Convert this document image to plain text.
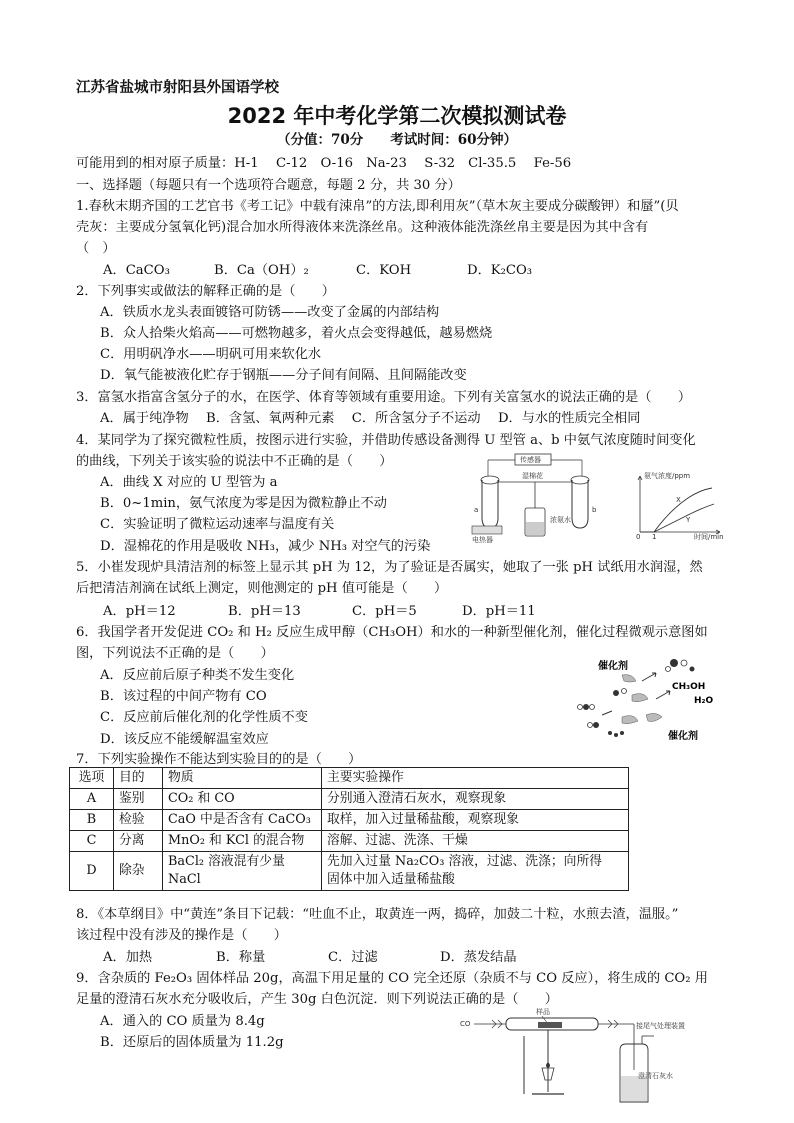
江苏省盐城市射阳县外国语学校
2022 年中考化学第二次模拟测试卷
（分值：70分　　考试时间：60分钟）
可能用到的相对原子质量：H-1　 C-12　O-16　Na-23　 S-32　Cl-35.5　 Fe-56
一、选择题（每题只有一个选项符合题意，每题 2 分，共 30 分）
1.春秋末期齐国的工艺官书《考工记》中载有涑帛”的方法,即利用灰”（草木灰主要成分碳酸钾）和蜃”(贝
壳灰：主要成分氢氧化钙)混合加水所得液体来洗涤丝帛。这种液体能洗涤丝帛主要是因为其中含有
（　）
A．CaCO₃	B．Ca（OH）₂	C．KOH	D．K₂CO₃
2．下列事实或做法的解释正确的是（　　）
A．铁质水龙头表面镀铬可防锈——改变了金属的内部结构
B．众人拾柴火焰高——可燃物越多，着火点会变得越低，越易燃烧
C．用明矾净水——明矾可用来软化水
D．氧气能被液化贮存于钢瓶——分子间有间隔、且间隔能改变
3．富氢水指富含氢分子的水，在医学、体育等领域有重要用途。下列有关富氢水的说法正确的是（　　）
A．属于纯净物　 B．含氢、氧两种元素　 C．所含氢分子不运动　 D．与水的性质完全相同
4．某同学为了探究微粒性质，按图示进行实验，并借助传感设备测得 U 型管 a、b 中氨气浓度随时间变化
的曲线，下列关于该实验的说法中不正确的是（　　）
A．曲线 X 对应的 U 型管为 a
B．0~1min，氨气浓度为零是因为微粒静止不动
C．实验证明了微粒运动速率与温度有关
D．湿棉花的作用是吸收 NH₃，减少 NH₃ 对空气的污染
传感器
湿棉花
浓氨水
电热器
a	b
氨气浓度/ppm
时间/min
0 1
X
Y
5．小崔发现炉具清洁剂的标签上显示其 pH 为 12，为了验证是否属实，她取了一张 pH 试纸用水润湿，然
后把清洁剂滴在试纸上测定，则他测定的 pH 值可能是（　　）
A．pH＝12	B．pH＝13	C．pH＝5	D．pH＝11
6．我国学者开发促进 CO₂ 和 H₂ 反应生成甲醇（CH₃OH）和水的一种新型催化剂，催化过程微观示意图如
图，下列说法不正确的是（　　）
A．反应前后原子种类不发生变化
B．该过程的中间产物有 CO
C．反应前后催化剂的化学性质不变
D．该反应不能缓解温室效应
催化剂
CH₃OH
H₂O
催化剂
7．下列实验操作不能达到实验目的的是（　　）
选项	目的	物质	主要实验操作
A	鉴别	CO₂ 和 CO	分别通入澄清石灰水，观察现象
B	检验	CaO 中是否含有 CaCO₃	取样，加入过量稀盐酸，观察现象
C	分离	MnO₂ 和 KCl 的混合物	溶解、过滤、洗涤、干燥
D	除杂	BaCl₂ 溶液混有少量 NaCl	先加入过量 Na₂CO₃ 溶液，过滤、洗涤；向所得
固体中加入适量稀盐酸
8．《本草纲目》中“黄连”条目下记载：“吐血不止，取黄连一两，捣碎，加鼓二十粒，水煎去渣，温服。”
该过程中没有涉及的操作是（　　）
A．加热	B．称量	C．过滤	D．蒸发结晶
9．含杂质的 Fe₂O₃ 固体样品 20g，高温下用足量的 CO 完全还原（杂质不与 CO 反应），将生成的 CO₂ 用
足量的澄清石灰水充分吸收后，产生 30g 白色沉淀．则下列说法正确的是（　　）
A．通入的 CO 质量为 8.4g
B．还原后的固体质量为 11.2g
CO
样品
接尾气处理装置
澄清石灰水
